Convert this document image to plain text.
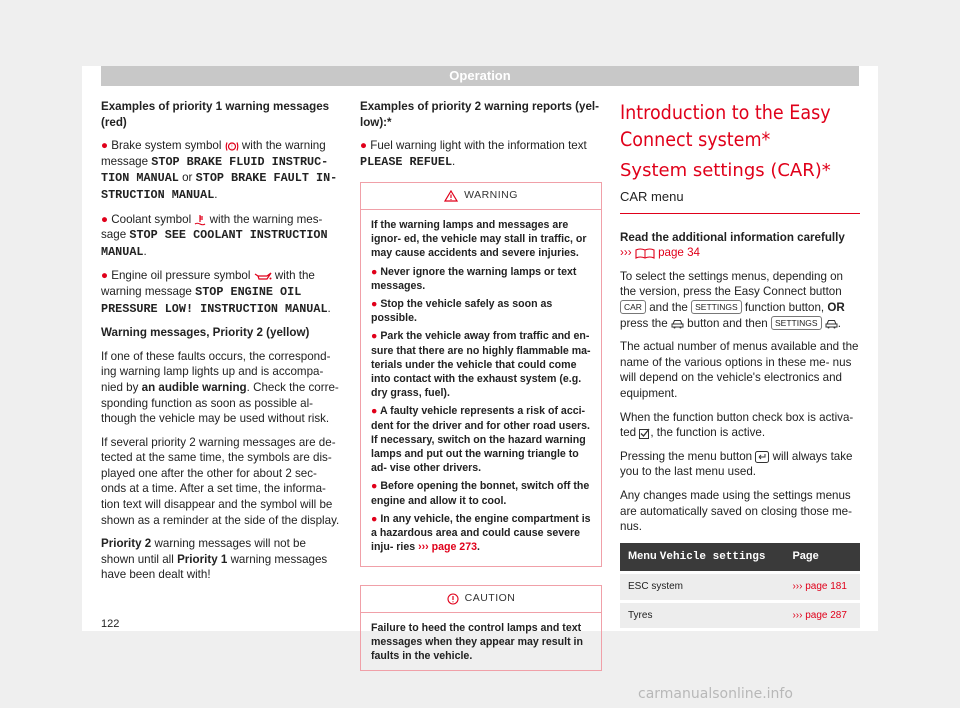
Operation

Examples of priority 1 warning messages (red)

● Brake system symbol ! with the warning message STOP BRAKE FLUID INSTRUC- TION MANUAL or STOP BRAKE FAULT IN- STRUCTION MANUAL.

● Coolant symbol with the warning mes- sage STOP SEE COOLANT INSTRUCTION MANUAL.

● Engine oil pressure symbol with the warning message STOP ENGINE OIL PRESSURE LOW! INSTRUCTION MANUAL.

Warning messages, Priority 2 (yellow)

If one of these faults occurs, the correspond- ing warning lamp lights up and is accompa- nied by an audible warning. Check the corre- sponding function as soon as possible al- though the vehicle may be used without risk.

If several priority 2 warning messages are de- tected at the same time, the symbols are dis- played one after the other for about 2 sec- onds at a time. After a set time, the informa- tion text will disappear and the symbol will be shown as a reminder at the side of the display.

Priority 2 warning messages will not be shown until all Priority 1 warning messages have been dealt with!

Examples of priority 2 warning reports (yel- low):*

● Fuel warning light with the information text PLEASE REFUEL.

WARNING

If the warning lamps and messages are ignor- ed, the vehicle may stall in traffic, or may cause accidents and severe injuries.

● Never ignore the warning lamps or text messages.

● Stop the vehicle safely as soon as possible.

● Park the vehicle away from traffic and en- sure that there are no highly flammable ma- terials under the vehicle that could come into contact with the exhaust system (e.g. dry grass, fuel).

● A faulty vehicle represents a risk of acci- dent for the driver and for other road users. If necessary, switch on the hazard warning lamps and put out the warning triangle to ad- vise other drivers.

● Before opening the bonnet, switch off the engine and allow it to cool.

● In any vehicle, the engine compartment is a hazardous area and could cause severe inju- ries ››› page 273.

CAUTION
Failure to heed the control lamps and text messages when they appear may result in faults in the vehicle.
Introduction to the Easy Connect system*
System settings (CAR)*
CAR menu

Read the additional information carefully
››› page 34

To select the settings menus, depending on the version, press the Easy Connect button CAR and the SETTINGS function button, OR press the button and then SETTINGS .

The actual number of menus available and the name of the various options in these me- nus will depend on the vehicle's electronics and equipment.

When the function button check box is activa- ted , the function is active.

Pressing the menu button will always take you to the last menu used.

Any changes made using the settings menus are automatically saved on closing those me- nus.

Menu Vehicle settings	Page
ESC system	››› page 181
Tyres	››› page 287
122
carmanualsonline.info
